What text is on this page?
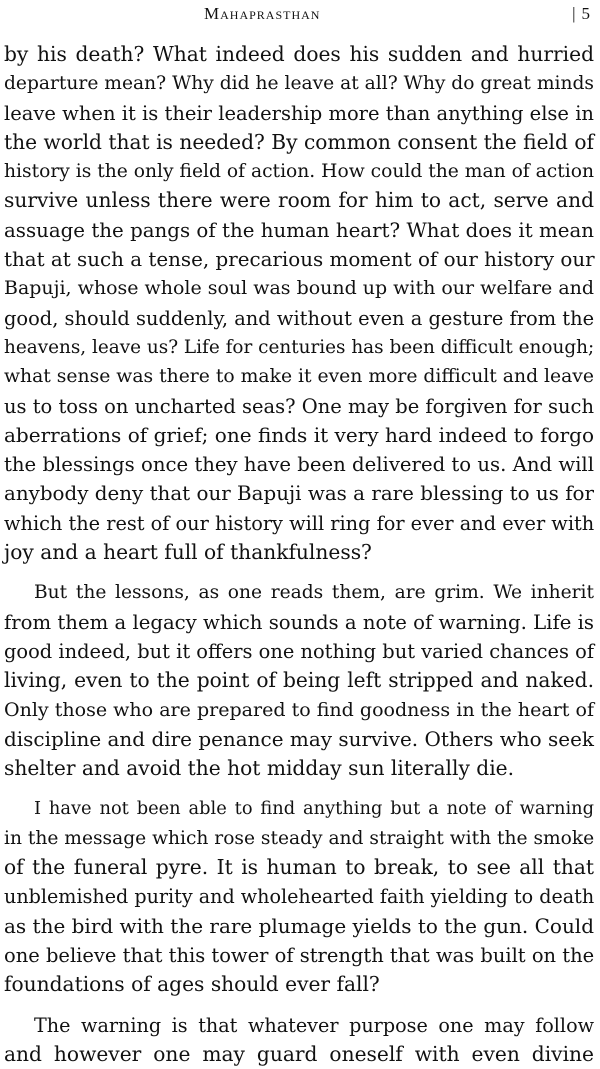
Mahaprasthan	| 5

by his death? What indeed does his sudden and hurried
departure mean? Why did he leave at all? Why do great minds
leave when it is their leadership more than anything else in
the world that is needed? By common consent the field of
history is the only field of action. How could the man of action
survive unless there were room for him to act, serve and
assuage the pangs of the human heart? What does it mean
that at such a tense, precarious moment of our history our
Bapuji, whose whole soul was bound up with our welfare and
good, should suddenly, and without even a gesture from the
heavens, leave us? Life for centuries has been difficult enough;
what sense was there to make it even more difficult and leave
us to toss on uncharted seas? One may be forgiven for such
aberrations of grief; one finds it very hard indeed to forgo
the blessings once they have been delivered to us. And will
anybody deny that our Bapuji was a rare blessing to us for
which the rest of our history will ring for ever and ever with
joy and a heart full of thankfulness?

But the lessons, as one reads them, are grim. We inherit
from them a legacy which sounds a note of warning. Life is
good indeed, but it offers one nothing but varied chances of
living, even to the point of being left stripped and naked.
Only those who are prepared to find goodness in the heart of
discipline and dire penance may survive. Others who seek
shelter and avoid the hot midday sun literally die.

I have not been able to find anything but a note of warning
in the message which rose steady and straight with the smoke
of the funeral pyre. It is human to break, to see all that
unblemished purity and wholehearted faith yielding to death
as the bird with the rare plumage yields to the gun. Could
one believe that this tower of strength that was built on the
foundations of ages should ever fall?

The warning is that whatever purpose one may follow
and however one may guard oneself with even divine
